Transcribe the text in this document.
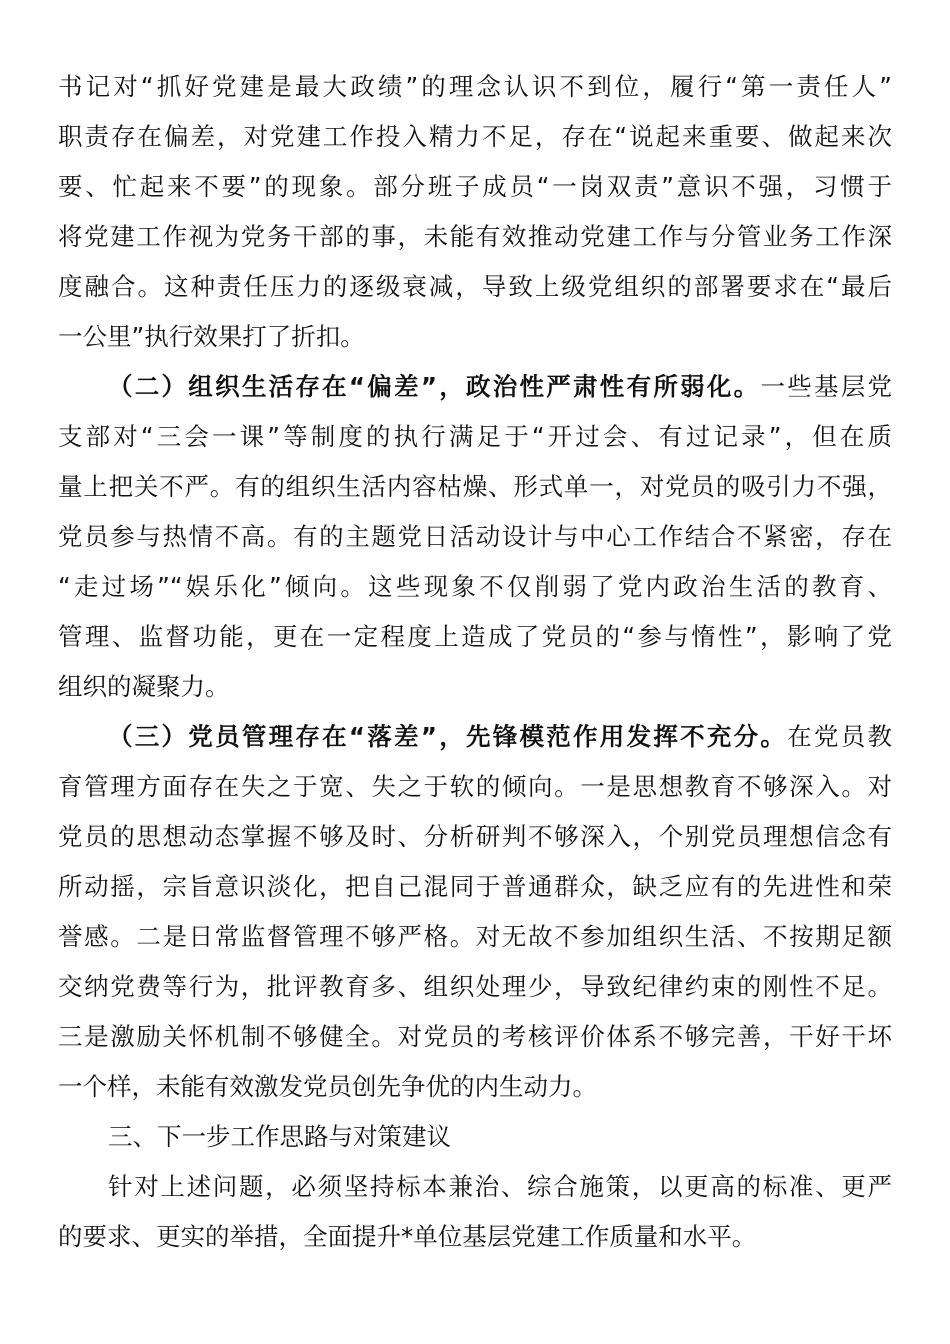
书记对“抓好党建是最大政绩”的理念认识不到位，履行“第一责任人”
职责存在偏差，对党建工作投入精力不足，存在“说起来重要、做起来次
要、忙起来不要”的现象。部分班子成员“一岗双责”意识不强，习惯于
将党建工作视为党务干部的事，未能有效推动党建工作与分管业务工作深
度融合。这种责任压力的逐级衰减，导致上级党组织的部署要求在“最后
一公里”执行效果打了折扣。
（二）组织生活存在“偏差”，政治性严肃性有所弱化。一些基层党
支部对“三会一课”等制度的执行满足于“开过会、有过记录”，但在质
量上把关不严。有的组织生活内容枯燥、形式单一，对党员的吸引力不强，
党员参与热情不高。有的主题党日活动设计与中心工作结合不紧密，存在
“走过场”“娱乐化”倾向。这些现象不仅削弱了党内政治生活的教育、
管理、监督功能，更在一定程度上造成了党员的“参与惰性”，影响了党
组织的凝聚力。
（三）党员管理存在“落差”，先锋模范作用发挥不充分。在党员教
育管理方面存在失之于宽、失之于软的倾向。一是思想教育不够深入。对
党员的思想动态掌握不够及时、分析研判不够深入，个别党员理想信念有
所动摇，宗旨意识淡化，把自己混同于普通群众，缺乏应有的先进性和荣
誉感。二是日常监督管理不够严格。对无故不参加组织生活、不按期足额
交纳党费等行为，批评教育多、组织处理少，导致纪律约束的刚性不足。
三是激励关怀机制不够健全。对党员的考核评价体系不够完善，干好干坏
一个样，未能有效激发党员创先争优的内生动力。
三、下一步工作思路与对策建议
针对上述问题，必须坚持标本兼治、综合施策，以更高的标准、更严
的要求、更实的举措，全面提升*单位基层党建工作质量和水平。
